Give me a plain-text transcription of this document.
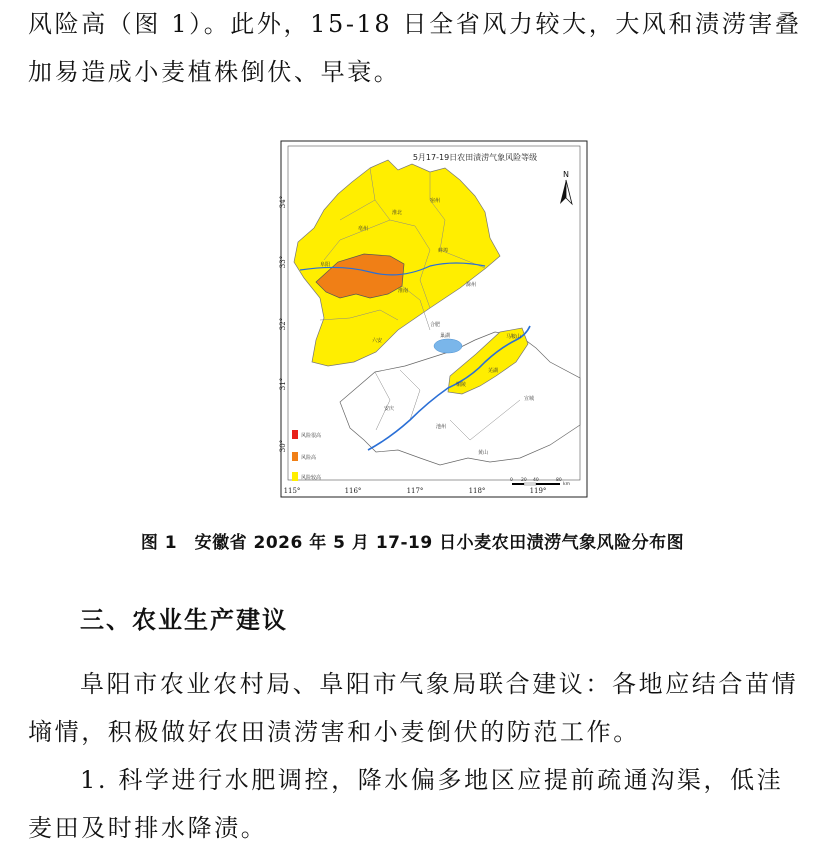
风险高（图 1）。此外，15-18 日全省风力较大，大风和渍涝害叠加易造成小麦植株倒伏、早衰。

5月17-19日农田渍涝气象风险等级
N
巢湖
宿州
淮北
亳州
蚌埠
阜阳
淮南
滁州
六安
合肥
马鞍山
芜湖
安庆
池州
铜陵
宣城
黄山
风险很高
风险高
风险较高	0 20 40	80
km
34°
33°
32°
31°
30°
115°	116°	117°	118°	119°
图 1　安徽省 2026 年 5 月 17-19 日小麦农田渍涝气象风险分布图
三、农业生产建议

阜阳市农业农村局、阜阳市气象局联合建议：各地应结合苗情墒情，积极做好农田渍涝害和小麦倒伏的防范工作。

1. 科学进行水肥调控，降水偏多地区应提前疏通沟渠，低洼麦田及时排水降渍。
